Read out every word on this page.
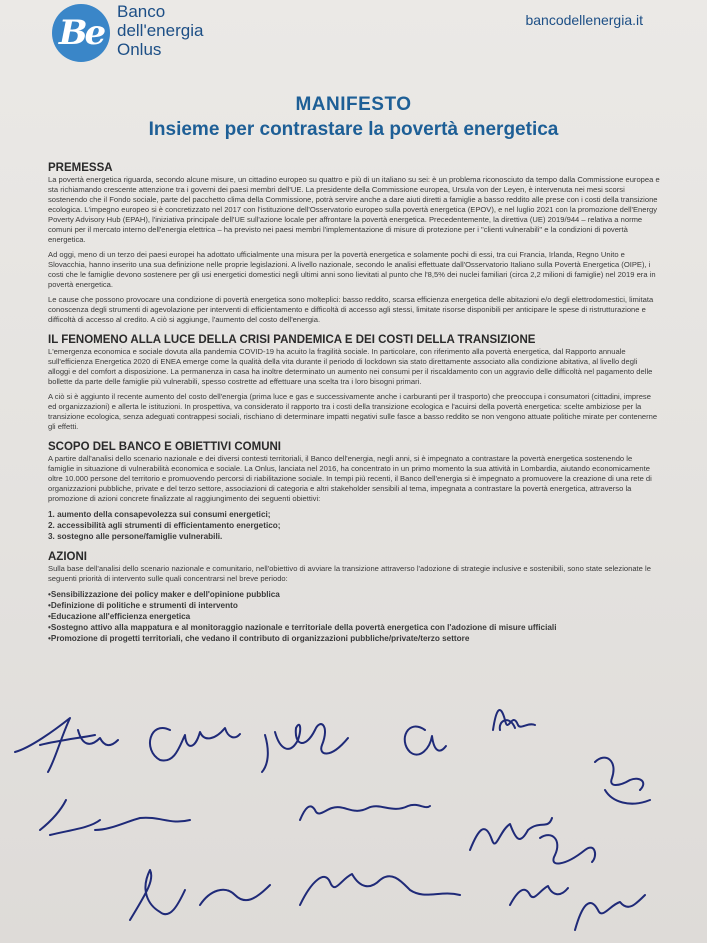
Be
Banco
dell'energia
Onlus
bancodellenergia.it
MANIFESTO
Insieme per contrastare la povertà energetica
PREMESSA

La povertà energetica riguarda, secondo alcune misure, un cittadino europeo su quattro e più di un italiano su sei: è un problema riconosciuto da tempo dalla Commissione europea e sta richiamando crescente attenzione tra i governi dei paesi membri dell'UE. La presidente della Commissione europea, Ursula von der Leyen, è intervenuta nei mesi scorsi sostenendo che il Fondo sociale, parte del pacchetto clima della Commissione, potrà servire anche a dare aiuti diretti a famiglie a basso reddito alle prese con i costi della transizione ecologica. L'impegno europeo si è concretizzato nel 2017 con l'istituzione dell'Osservatorio europeo sulla povertà energetica (EPOV), e nel luglio 2021 con la promozione dell'Energy Poverty Advisory Hub (EPAH), l'iniziativa principale dell'UE sull'azione locale per affrontare la povertà energetica. Precedentemente, la direttiva (UE) 2019/944 – relativa a norme comuni per il mercato interno dell'energia elettrica – ha previsto nei paesi membri l'implementazione di misure di protezione per i "clienti vulnerabili" e la condizioni di povertà energetica.

Ad oggi, meno di un terzo dei paesi europei ha adottato ufficialmente una misura per la povertà energetica e solamente pochi di essi, tra cui Francia, Irlanda, Regno Unito e Slovacchia, hanno inserito una sua definizione nelle proprie legislazioni. A livello nazionale, secondo le analisi effettuate dall'Osservatorio Italiano sulla Povertà Energetica (OIPE), i costi che le famiglie devono sostenere per gli usi energetici domestici negli ultimi anni sono lievitati al punto che l'8,5% dei nuclei familiari (circa 2,2 milioni di famiglie) nel 2019 era in povertà energetica.

Le cause che possono provocare una condizione di povertà energetica sono molteplici: basso reddito, scarsa efficienza energetica delle abitazioni e/o degli elettrodomestici, limitata conoscenza degli strumenti di agevolazione per interventi di efficientamento e difficoltà di accesso agli stessi, limitate risorse disponibili per anticipare le spese di ristrutturazione e difficoltà di accesso al credito. A ciò si aggiunge, l'aumento del costo dell'energia.

IL FENOMENO ALLA LUCE DELLA CRISI PANDEMICA E DEI COSTI DELLA TRANSIZIONE

L'emergenza economica e sociale dovuta alla pandemia COVID-19 ha acuito la fragilità sociale. In particolare, con riferimento alla povertà energetica, dal Rapporto annuale sull'efficienza Energetica 2020 di ENEA emerge come la qualità della vita durante il periodo di lockdown sia stato direttamente associato alla condizione abitativa, al livello degli alloggi e del comfort a disposizione. La permanenza in casa ha inoltre determinato un aumento nei consumi per il riscaldamento con un aggravio delle difficoltà nel pagamento delle bollette da parte delle famiglie più vulnerabili, spesso costrette ad effettuare una scelta tra i loro bisogni primari.

A ciò si è aggiunto il recente aumento del costo dell'energia (prima luce e gas e successivamente anche i carburanti per il trasporto) che preoccupa i consumatori (cittadini, imprese ed organizzazioni) e allerta le istituzioni. In prospettiva, va considerato il rapporto tra i costi della transizione ecologica e l'acuirsi della povertà energetica: scelte ambiziose per la transizione ecologica, senza adeguati contrappesi sociali, rischiano di determinare impatti negativi sulle fasce a basso reddito se non vengono attuate politiche mirate per contenerne gli effetti.

SCOPO DEL BANCO E OBIETTIVI COMUNI

A partire dall'analisi dello scenario nazionale e dei diversi contesti territoriali, il Banco dell'energia, negli anni, si è impegnato a contrastare la povertà energetica sostenendo le famiglie in situazione di vulnerabilità economica e sociale. La Onlus, lanciata nel 2016, ha concentrato in un primo momento la sua attività in Lombardia, aiutando economicamente oltre 10.000 persone del territorio e promuovendo percorsi di riabilitazione sociale. In tempi più recenti, il Banco dell'energia si è impegnato a promuovere la creazione di una rete di organizzazioni pubbliche, private e del terzo settore, associazioni di categoria e altri stakeholder sensibili al tema, impegnata a contrastare la povertà energetica, attraverso la promozione di azioni concrete finalizzate al raggiungimento dei seguenti obiettivi:

1. aumento della consapevolezza sui consumi energetici;
2. accessibilità agli strumenti di efficientamento energetico;
3. sostegno alle persone/famiglie vulnerabili.
AZIONI

Sulla base dell'analisi dello scenario nazionale e comunitario, nell'obiettivo di avviare la transizione attraverso l'adozione di strategie inclusive e sostenibili, sono state selezionate le seguenti priorità di intervento sulle quali concentrarsi nel breve periodo:

• Sensibilizzazione dei policy maker e dell'opinione pubblica
• Definizione di politiche e strumenti di intervento
• Educazione all'efficienza energetica
• Sostegno attivo alla mappatura e al monitoraggio nazionale e territoriale della povertà energetica con l'adozione di misure ufficiali
• Promozione di progetti territoriali, che vedano il contributo di organizzazioni pubbliche/private/terzo settore
